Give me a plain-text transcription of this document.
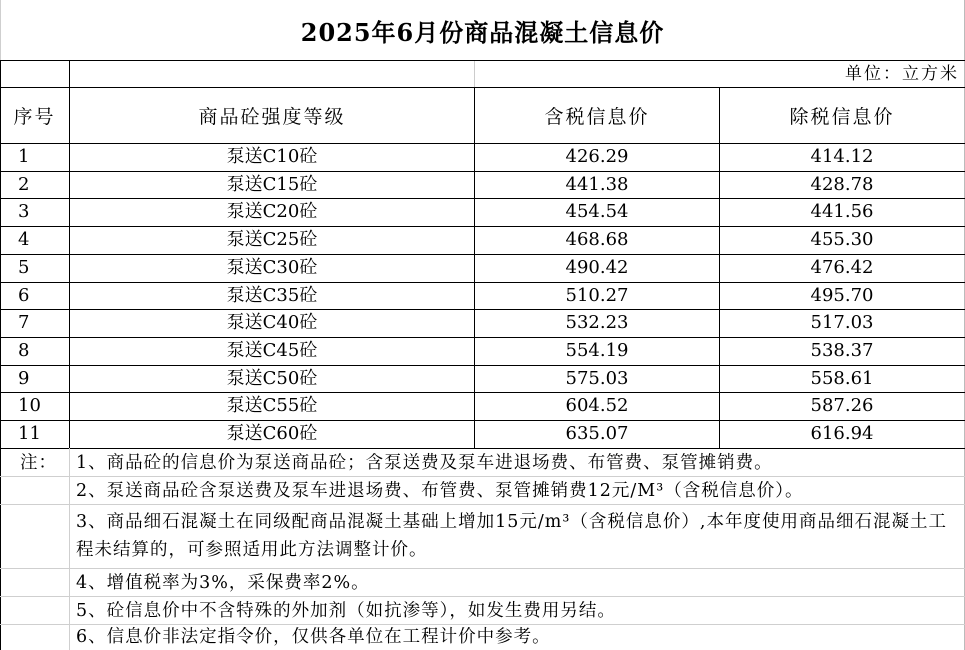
2025年6月份商品混凝土信息价
单位：立方米
序号	商品砼强度等级	含税信息价	除税信息价
1	泵送C10砼	426.29	414.12
2	泵送C15砼	441.38	428.78
3	泵送C20砼	454.54	441.56
4	泵送C25砼	468.68	455.30
5	泵送C30砼	490.42	476.42
6	泵送C35砼	510.27	495.70
7	泵送C40砼	532.23	517.03
8	泵送C45砼	554.19	538.37
9	泵送C50砼	575.03	558.61
10	泵送C55砼	604.52	587.26
11	泵送C60砼	635.07	616.94
注： 1、商品砼的信息价为泵送商品砼；含泵送费及泵车进退场费、布管费、泵管摊销费。
2、泵送商品砼含泵送费及泵车进退场费、布管费、泵管摊销费12元/M³（含税信息价）。
3、商品细石混凝土在同级配商品混凝土基础上增加15元/m³（含税信息价）,本年度使用商品细石混凝土工程未结算的，可参照适用此方法调整计价。
4、增值税率为3%，采保费率2%。
5、砼信息价中不含特殊的外加剂（如抗渗等），如发生费用另结。
6、信息价非法定指令价，仅供各单位在工程计价中参考。
